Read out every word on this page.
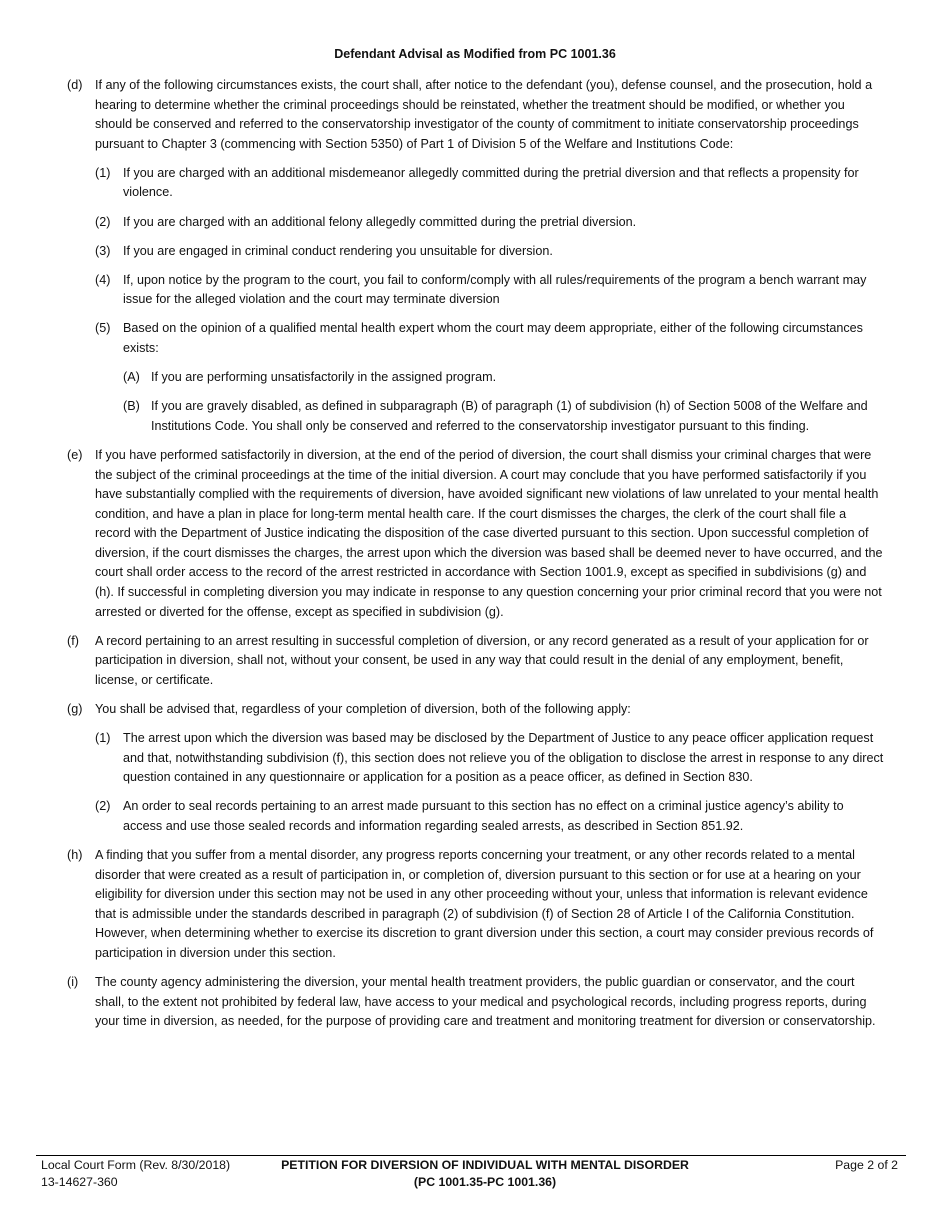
Defendant Advisal as Modified from PC 1001.36
(d) If any of the following circumstances exists, the court shall, after notice to the defendant (you), defense counsel, and the prosecution, hold a hearing to determine whether the criminal proceedings should be reinstated, whether the treatment should be modified, or whether you should be conserved and referred to the conservatorship investigator of the county of commitment to initiate conservatorship proceedings pursuant to Chapter 3 (commencing with Section 5350) of Part 1 of Division 5 of the Welfare and Institutions Code:
(1) If you are charged with an additional misdemeanor allegedly committed during the pretrial diversion and that reflects a propensity for violence.
(2) If you are charged with an additional felony allegedly committed during the pretrial diversion.
(3) If you are engaged in criminal conduct rendering you unsuitable for diversion.
(4) If, upon notice by the program to the court, you fail to conform/comply with all rules/requirements of the program a bench warrant may issue for the alleged violation and the court may terminate diversion
(5) Based on the opinion of a qualified mental health expert whom the court may deem appropriate, either of the following circumstances exists:
(A) If you are performing unsatisfactorily in the assigned program.
(B) If you are gravely disabled, as defined in subparagraph (B) of paragraph (1) of subdivision (h) of Section 5008 of the Welfare and Institutions Code. You shall only be conserved and referred to the conservatorship investigator pursuant to this finding.
(e) If you have performed satisfactorily in diversion, at the end of the period of diversion, the court shall dismiss your criminal charges that were the subject of the criminal proceedings at the time of the initial diversion. A court may conclude that you have performed satisfactorily if you have substantially complied with the requirements of diversion, have avoided significant new violations of law unrelated to your mental health condition, and have a plan in place for long-term mental health care. If the court dismisses the charges, the clerk of the court shall file a record with the Department of Justice indicating the disposition of the case diverted pursuant to this section. Upon successful completion of diversion, if the court dismisses the charges, the arrest upon which the diversion was based shall be deemed never to have occurred, and the court shall order access to the record of the arrest restricted in accordance with Section 1001.9, except as specified in subdivisions (g) and (h). If successful in completing diversion you may indicate in response to any question concerning your prior criminal record that you were not arrested or diverted for the offense, except as specified in subdivision (g).
(f) A record pertaining to an arrest resulting in successful completion of diversion, or any record generated as a result of your application for or participation in diversion, shall not, without your consent, be used in any way that could result in the denial of any employment, benefit, license, or certificate.
(g) You shall be advised that, regardless of your completion of diversion, both of the following apply:
(1) The arrest upon which the diversion was based may be disclosed by the Department of Justice to any peace officer application request and that, notwithstanding subdivision (f), this section does not relieve you of the obligation to disclose the arrest in response to any direct question contained in any questionnaire or application for a position as a peace officer, as defined in Section 830.
(2) An order to seal records pertaining to an arrest made pursuant to this section has no effect on a criminal justice agency’s ability to access and use those sealed records and information regarding sealed arrests, as described in Section 851.92.
(h) A finding that you suffer from a mental disorder, any progress reports concerning your treatment, or any other records related to a mental disorder that were created as a result of participation in, or completion of, diversion pursuant to this section or for use at a hearing on your eligibility for diversion under this section may not be used in any other proceeding without your, unless that information is relevant evidence that is admissible under the standards described in paragraph (2) of subdivision (f) of Section 28 of Article I of the California Constitution. However, when determining whether to exercise its discretion to grant diversion under this section, a court may consider previous records of participation in diversion under this section.
(i) The county agency administering the diversion, your mental health treatment providers, the public guardian or conservator, and the court shall, to the extent not prohibited by federal law, have access to your medical and psychological records, including progress reports, during your time in diversion, as needed, for the purpose of providing care and treatment and monitoring treatment for diversion or conservatorship.
Local Court Form (Rev. 8/30/2018)
13-14627-360
PETITION FOR DIVERSION OF INDIVIDUAL WITH MENTAL DISORDER
(PC 1001.35-PC 1001.36)
Page 2 of 2
